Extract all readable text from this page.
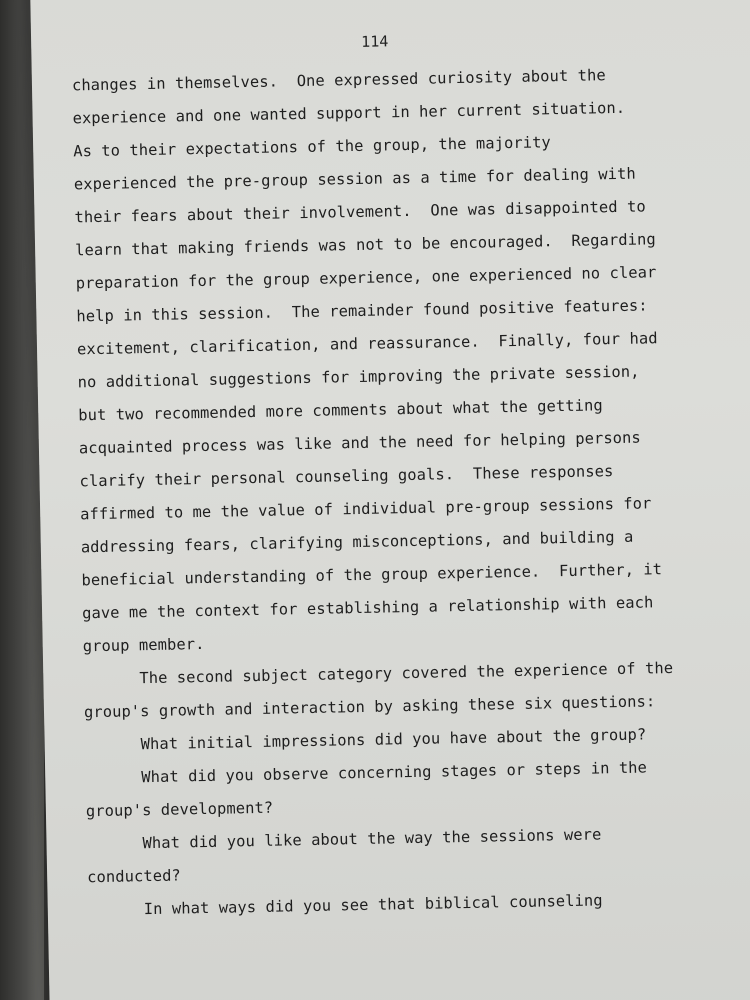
114
changes in themselves.  One expressed curiosity about the
experience and one wanted support in her current situation.
As to their expectations of the group, the majority
experienced the pre-group session as a time for dealing with
their fears about their involvement.  One was disappointed to
learn that making friends was not to be encouraged.  Regarding
preparation for the group experience, one experienced no clear
help in this session.  The remainder found positive features:
excitement, clarification, and reassurance.  Finally, four had
no additional suggestions for improving the private session,
but two recommended more comments about what the getting
acquainted process was like and the need for helping persons
clarify their personal counseling goals.  These responses
affirmed to me the value of individual pre-group sessions for
addressing fears, clarifying misconceptions, and building a
beneficial understanding of the group experience.  Further, it
gave me the context for establishing a relationship with each
group member.
The second subject category covered the experience of the
group's growth and interaction by asking these six questions:
What initial impressions did you have about the group?
What did you observe concerning stages or steps in the
group's development?
What did you like about the way the sessions were
conducted?
In what ways did you see that biblical counseling
